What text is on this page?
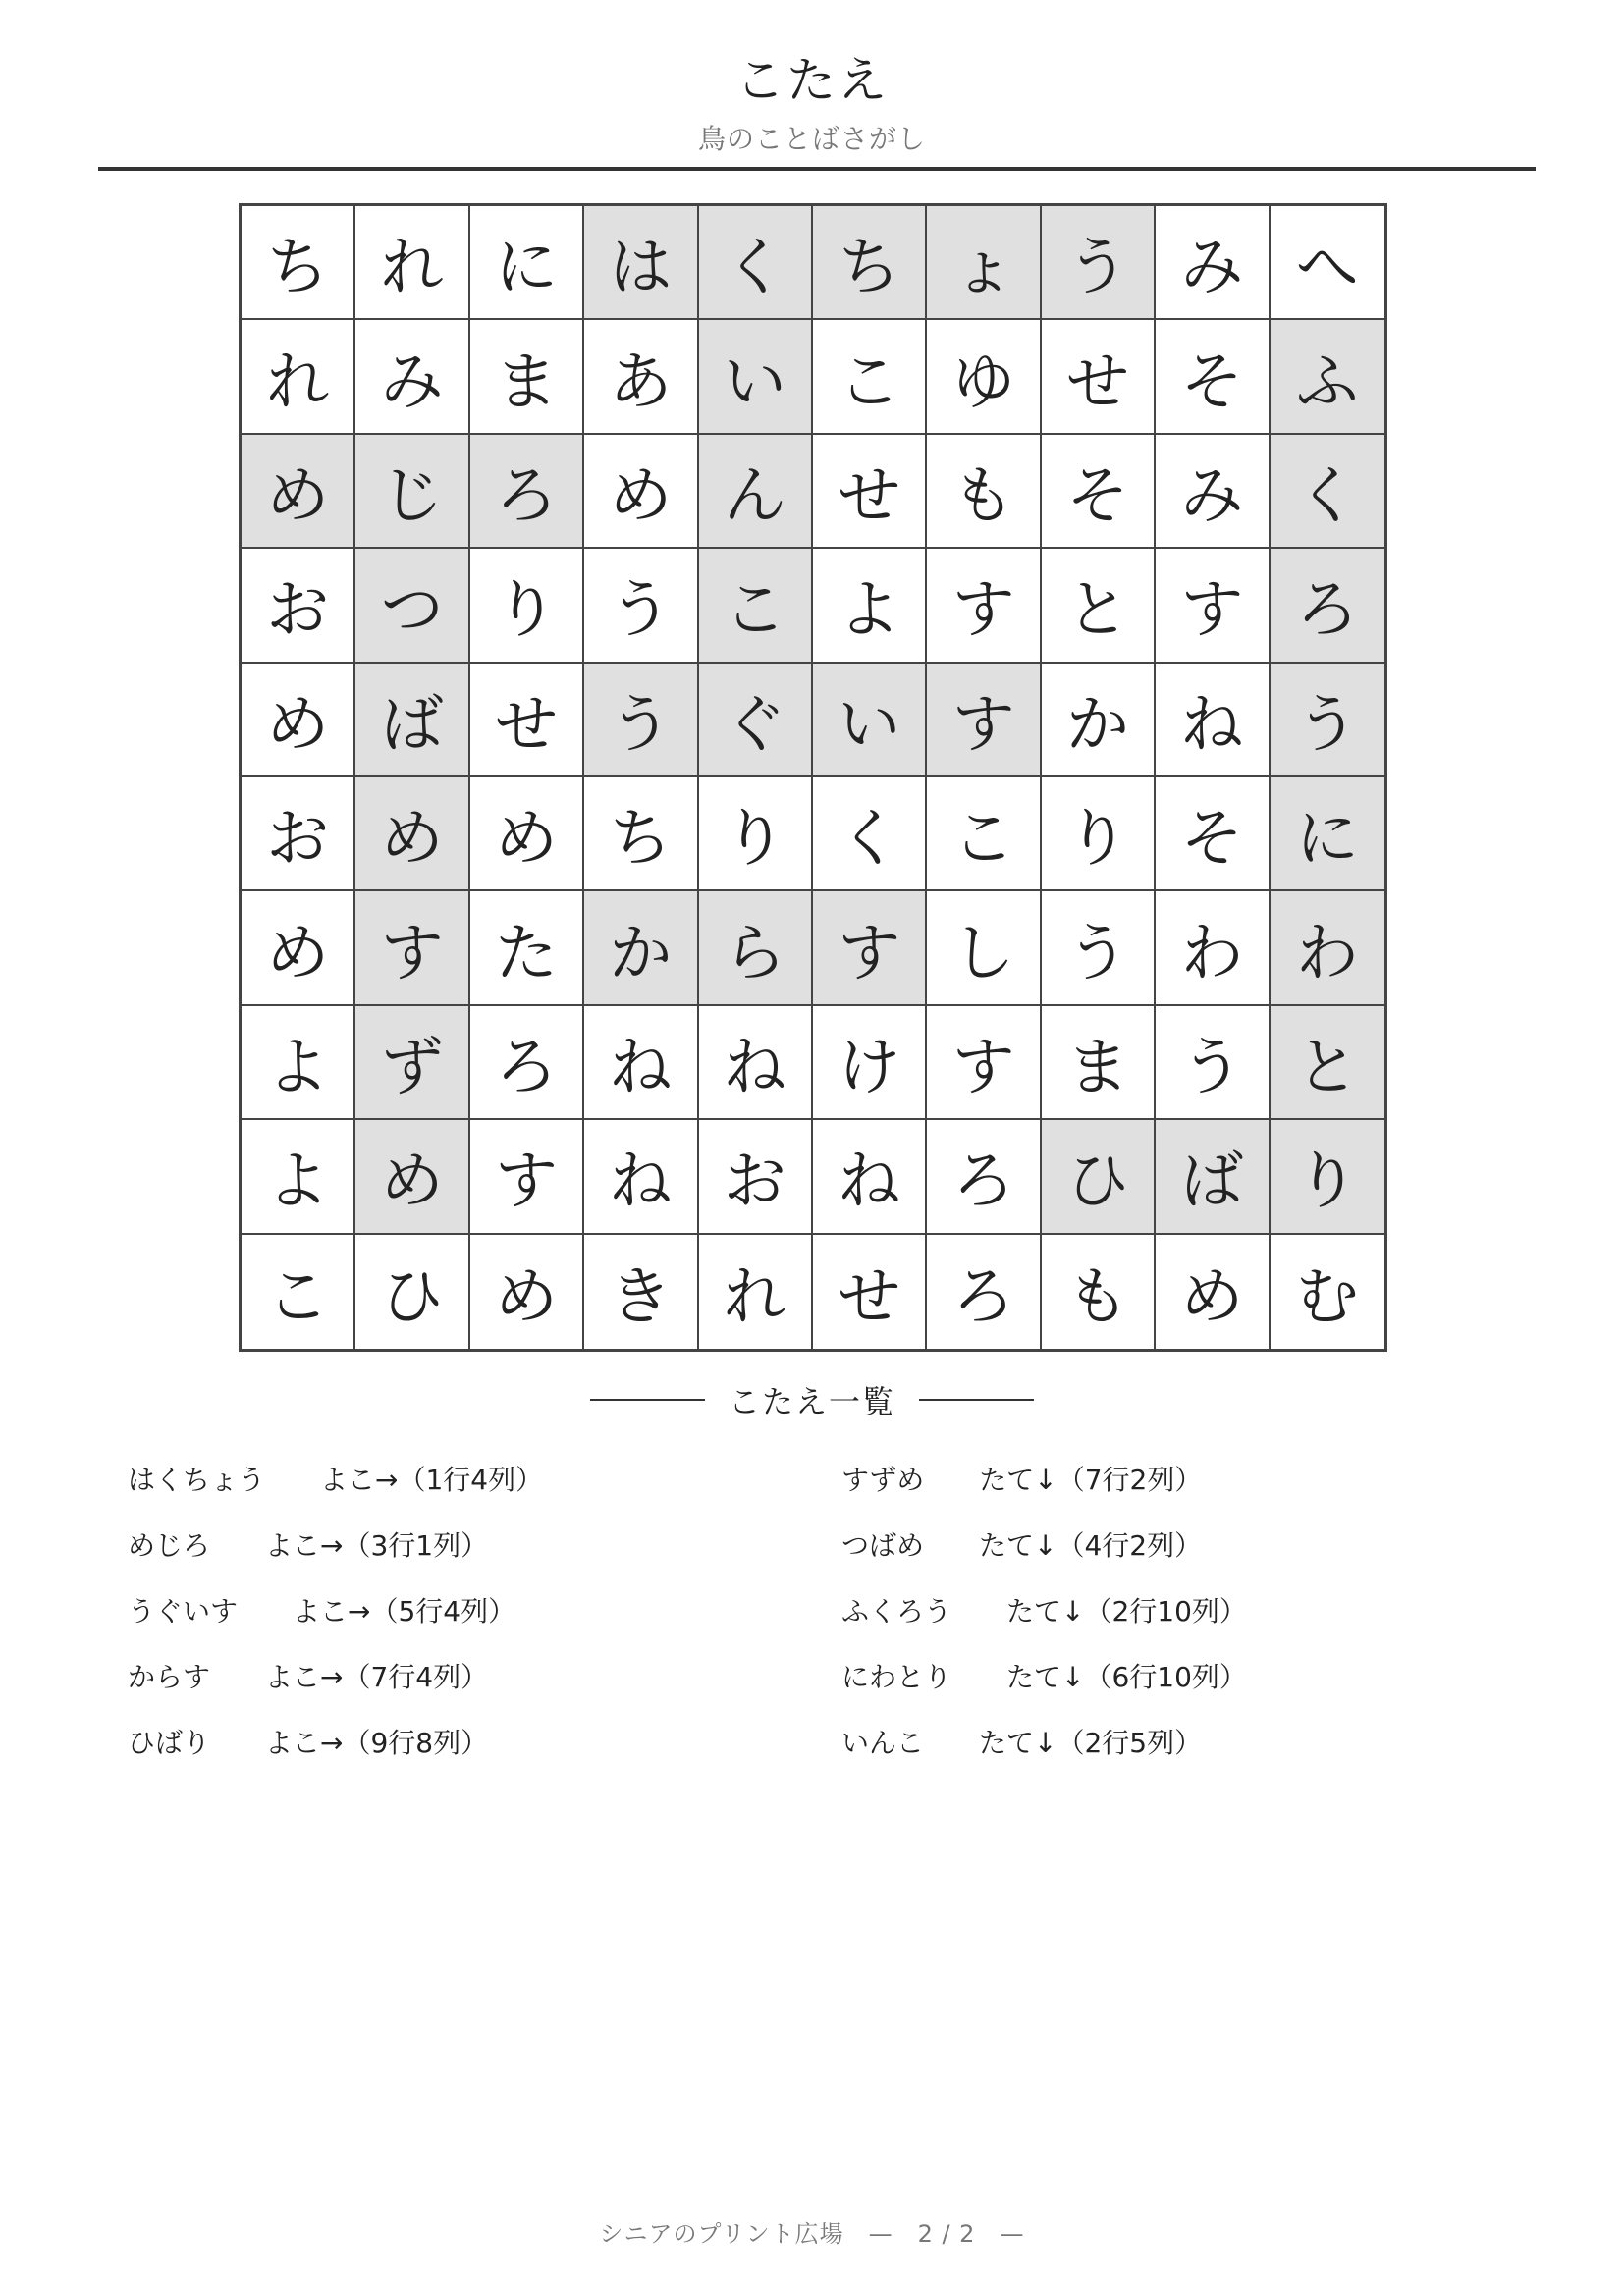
こたえ
鳥のことばさがし
ち れ に は く ち ょ う み へ
れ み ま あ い こ ゆ せ そ ふ
め じ ろ め ん せ も そ み く
お つ り う こ よ す と す ろ
め ば せ う ぐ い す か ね う
お め め ち り く こ り そ に
め す た か ら す し う わ わ
よ ず ろ ね ね け す ま う と
よ め す ね お ね ろ ひ ば り
こ ひ め き れ せ ろ も め む
こたえ一覧
はくちょう　　よこ→（1行4列）
めじろ　　よこ→（3行1列）
うぐいす　　よこ→（5行4列）
からす　　よこ→（7行4列）
ひばり　　よこ→（9行8列）
すずめ　　たて↓（7行2列）
つばめ　　たて↓（4行2列）
ふくろう　　たて↓（2行10列）
にわとり　　たて↓（6行10列）
いんこ　　たて↓（2行5列）
シニアのプリント広場　—　2 / 2　—
